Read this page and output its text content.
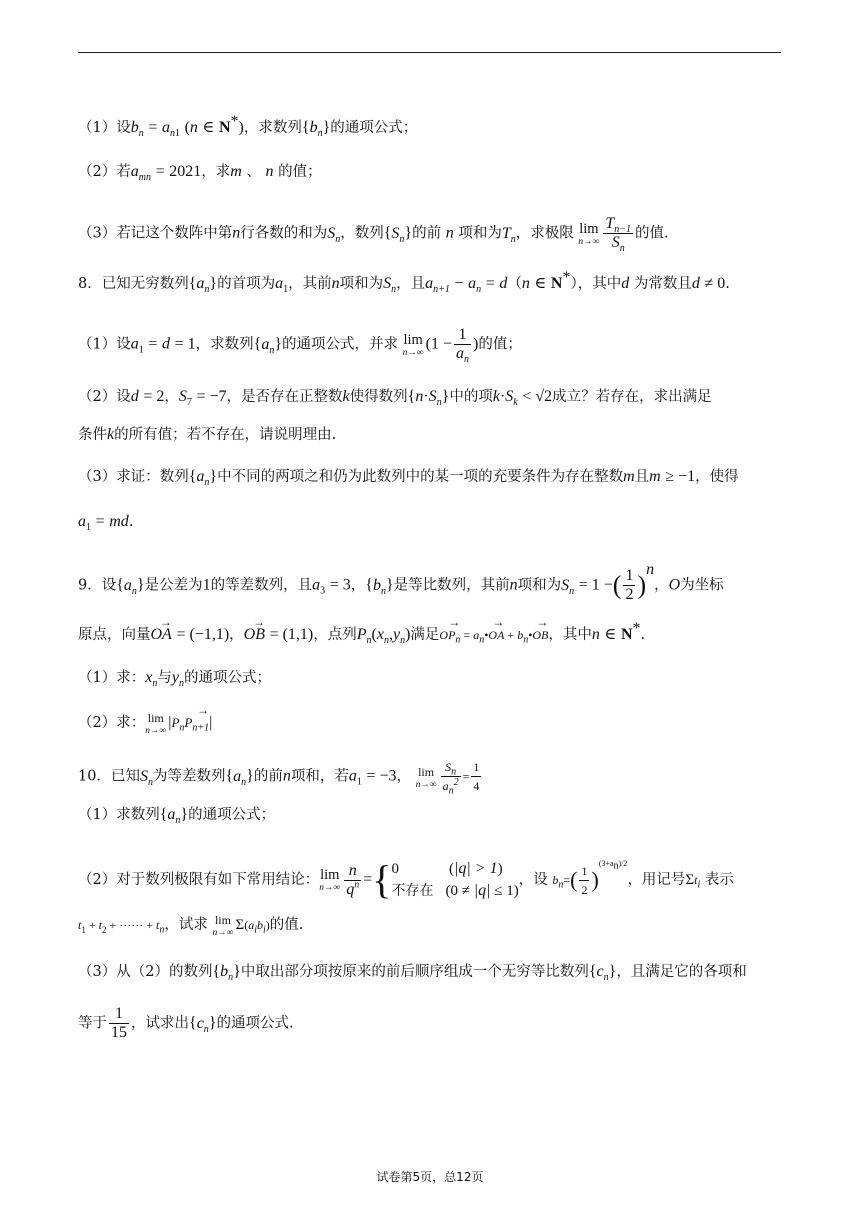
（1）设$b_n = a_{n1}$ (n ∈ N*)，求数列$\{b_n\}$的通项公式；
（2）若$a_{mn} = 2021$，求m 、 n 的值；
（3）若记这个数阵中第n行各数的和为$S_n$，数列$\{S_n\}$的前 n 项和为$T_n$，求极限 lim
$n\to\infty \frac{T_{n-1}}{S_n}$ 的值.
8．已知无穷数列$\{a_n\}$的首项为$a_1$，其前n项和为$S_n$，且$a_{n+1} - a_n = d(n$ ∈ N*），其中d 为常数且d ≠ 0.
（1）设$a_1 = d = 1$，求数列$\{a_n\}$的通项公式，并求 lim
n→∞ ($1 - \frac{1}{a_n}$ )的值；
（2）设d = 2，$S_7 = -7$，是否存在正整数k使得数列$\{n\cdot S_n\}$中的项$k\cdot S_k < √2$成立？若存在，求出满足
条件k的所有值；若不存在，请说明理由.
（3）求证：数列$\{a_n\}$中不同的两项之和仍为此数列中的某一项的充要条件为存在整数m且m ≥ −1，使得
$a_1$ = md.
9．设$\{a_n\}$是公差为1的等差数列，且$a_3 = 3$，$\{b_n\}$是等比数列，其前n项和为$S_n = 1$ −( $\frac{1}{2} )^n$，O为坐标
原点，向量→ OA = (−1,1)，→ OB = (1,1)，点列$P_n(x_n,y_n)$满足→ $OP_n$ = $a_n•\to$ OA + $b_n•\to$ OB，其中n ∈ N*.
（1）求：$x_n$与$y_n$的通项公式；
（2）求： lim
n→∞ |→ $P_nP_{n+1}|$
10．已知$S_n$为等差数列$\{a_n\}$的前n项和，若$a_1 = -3$， lim
$n\to\infty \frac{S_n}{a_n^2} = \frac{1}{4}$
（1）求数列$\{a_n\}$的通项公式；
（2）对于数列极限有如下常用结论： lim
$n\to\infty \frac{n}{q^n}$ ={ 0	(|q| > 1)
不存在 (0 ≠ |q| ≤ 1)
，设 $b_n=( \frac{1}{2} )^{(3+a_n)/2}$，用记号$\Sigma t_i$ 表示
$t_1 + t_2$ + ······ + $t_n$，试求 lim
n→∞ $\Sigma(a_ib_i)$的值.
（3）从（2）的数列$\{b_n\}$中取出部分项按原来的前后顺序组成一个无穷等比数列$\{c_n\}$，且满足它的各项和
等于 $\frac{1}{15}$ ，试求出$\{c_n\}$的通项公式.
试卷第5页，总12页
